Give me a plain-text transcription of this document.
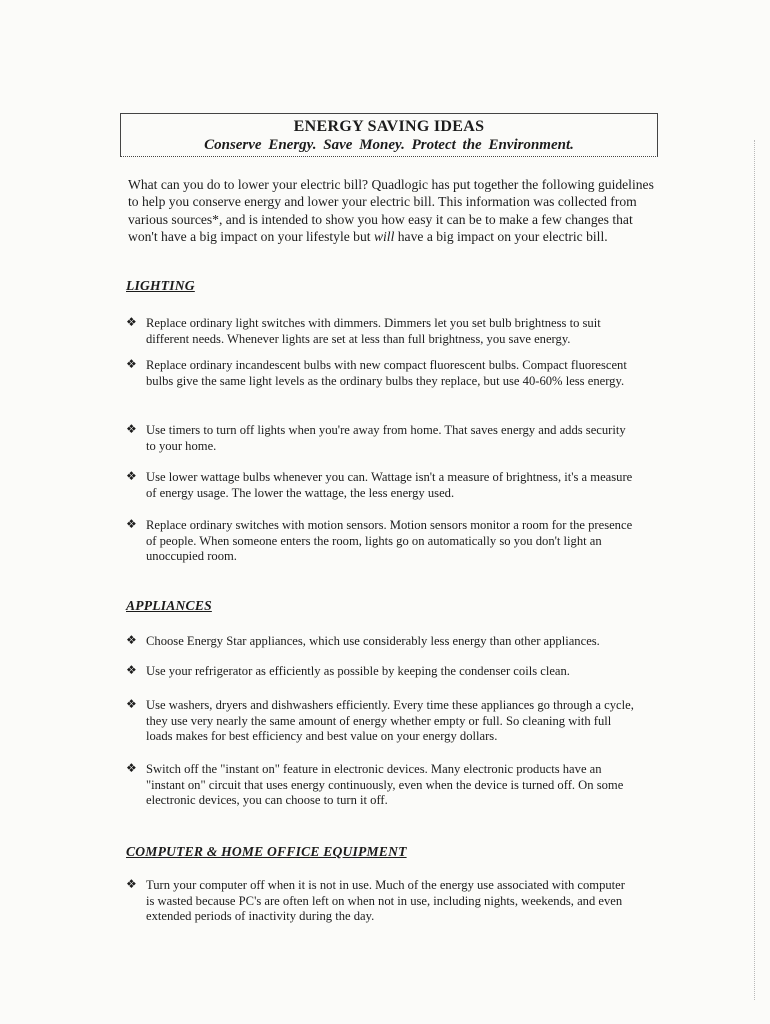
ENERGY SAVING IDEAS
Conserve Energy. Save Money. Protect the Environment.

What can you do to lower your electric bill? Quadlogic has put together the following guidelines to help you conserve energy and lower your electric bill. This information was collected from various sources*, and is intended to show you how easy it can be to make a few changes that won't have a big impact on your lifestyle but will have a big impact on your electric bill.

LIGHTING
❖ Replace ordinary light switches with dimmers. Dimmers let you set bulb brightness to suit different needs. Whenever lights are set at less than full brightness, you save energy.
❖ Replace ordinary incandescent bulbs with new compact fluorescent bulbs. Compact fluorescent bulbs give the same light levels as the ordinary bulbs they replace, but use 40-60% less energy.
❖ Use timers to turn off lights when you're away from home. That saves energy and adds security to your home.
❖ Use lower wattage bulbs whenever you can. Wattage isn't a measure of brightness, it's a measure of energy usage. The lower the wattage, the less energy used.
❖ Replace ordinary switches with motion sensors. Motion sensors monitor a room for the presence of people. When someone enters the room, lights go on automatically so you don't light an unoccupied room.
APPLIANCES
❖ Choose Energy Star appliances, which use considerably less energy than other appliances.
❖ Use your refrigerator as efficiently as possible by keeping the condenser coils clean.
❖ Use washers, dryers and dishwashers efficiently. Every time these appliances go through a cycle, they use very nearly the same amount of energy whether empty or full. So cleaning with full loads makes for best efficiency and best value on your energy dollars.
❖ Switch off the "instant on" feature in electronic devices. Many electronic products have an "instant on" circuit that uses energy continuously, even when the device is turned off. On some electronic devices, you can choose to turn it off.
COMPUTER & HOME OFFICE EQUIPMENT
❖ Turn your computer off when it is not in use. Much of the energy use associated with computer is wasted because PC's are often left on when not in use, including nights, weekends, and even extended periods of inactivity during the day.
